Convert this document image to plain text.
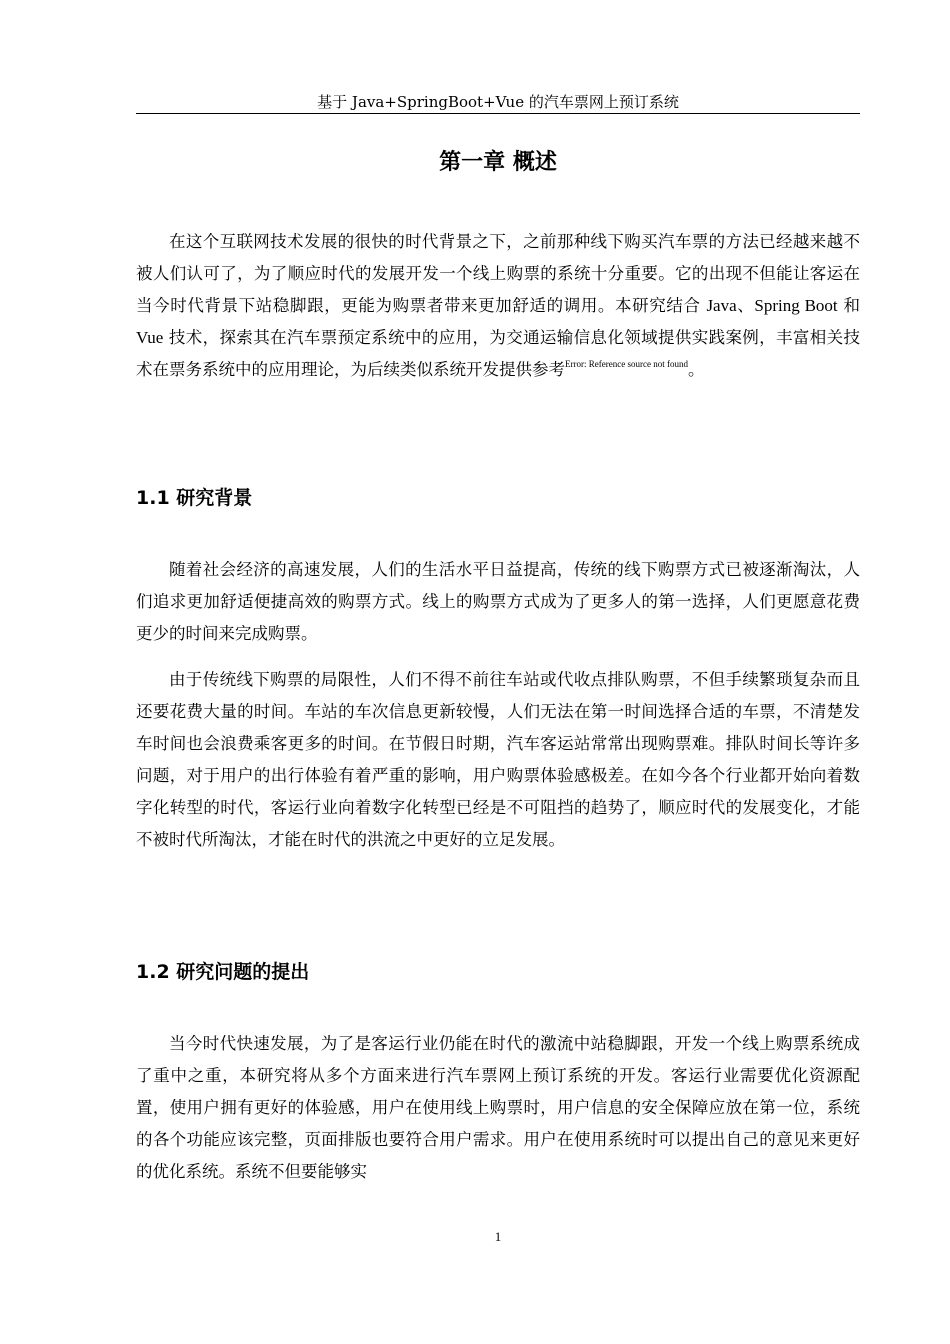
基于 Java+SpringBoot+Vue 的汽车票网上预订系统
第一章 概述

在这个互联网技术发展的很快的时代背景之下，之前那种线下购买汽车票的方法已经越来越不被人们认可了，为了顺应时代的发展开发一个线上购票的系统十分重要。它的出现不但能让客运在当今时代背景下站稳脚跟，更能为购票者带来更加舒适的调用。本研究结合 Java、Spring Boot 和 Vue 技术，探索其在汽车票预定系统中的应用，为交通运输信息化领域提供实践案例，丰富相关技术在票务系统中的应用理论，为后续类似系统开发提供参考$^{Error: Reference source not found}$。

1.1 研究背景

随着社会经济的高速发展，人们的生活水平日益提高，传统的线下购票方式已被逐渐淘汰，人们追求更加舒适便捷高效的购票方式。线上的购票方式成为了更多人的第一选择，人们更愿意花费更少的时间来完成购票。

由于传统线下购票的局限性，人们不得不前往车站或代收点排队购票，不但手续繁琐复杂而且还要花费大量的时间。车站的车次信息更新较慢，人们无法在第一时间选择合适的车票，不清楚发车时间也会浪费乘客更多的时间。在节假日时期，汽车客运站常常出现购票难。排队时间长等许多问题，对于用户的出行体验有着严重的影响，用户购票体验感极差。在如今各个行业都开始向着数字化转型的时代，客运行业向着数字化转型已经是不可阻挡的趋势了，顺应时代的发展变化，才能不被时代所淘汰，才能在时代的洪流之中更好的立足发展。

1.2 研究问题的提出

当今时代快速发展，为了是客运行业仍能在时代的激流中站稳脚跟，开发一个线上购票系统成了重中之重，本研究将从多个方面来进行汽车票网上预订系统的开发。客运行业需要优化资源配置，使用户拥有更好的体验感，用户在使用线上购票时，用户信息的安全保障应放在第一位，系统的各个功能应该完整，页面排版也要符合用户需求。用户在使用系统时可以提出自己的意见来更好的优化系统。系统不但要能够实

1
